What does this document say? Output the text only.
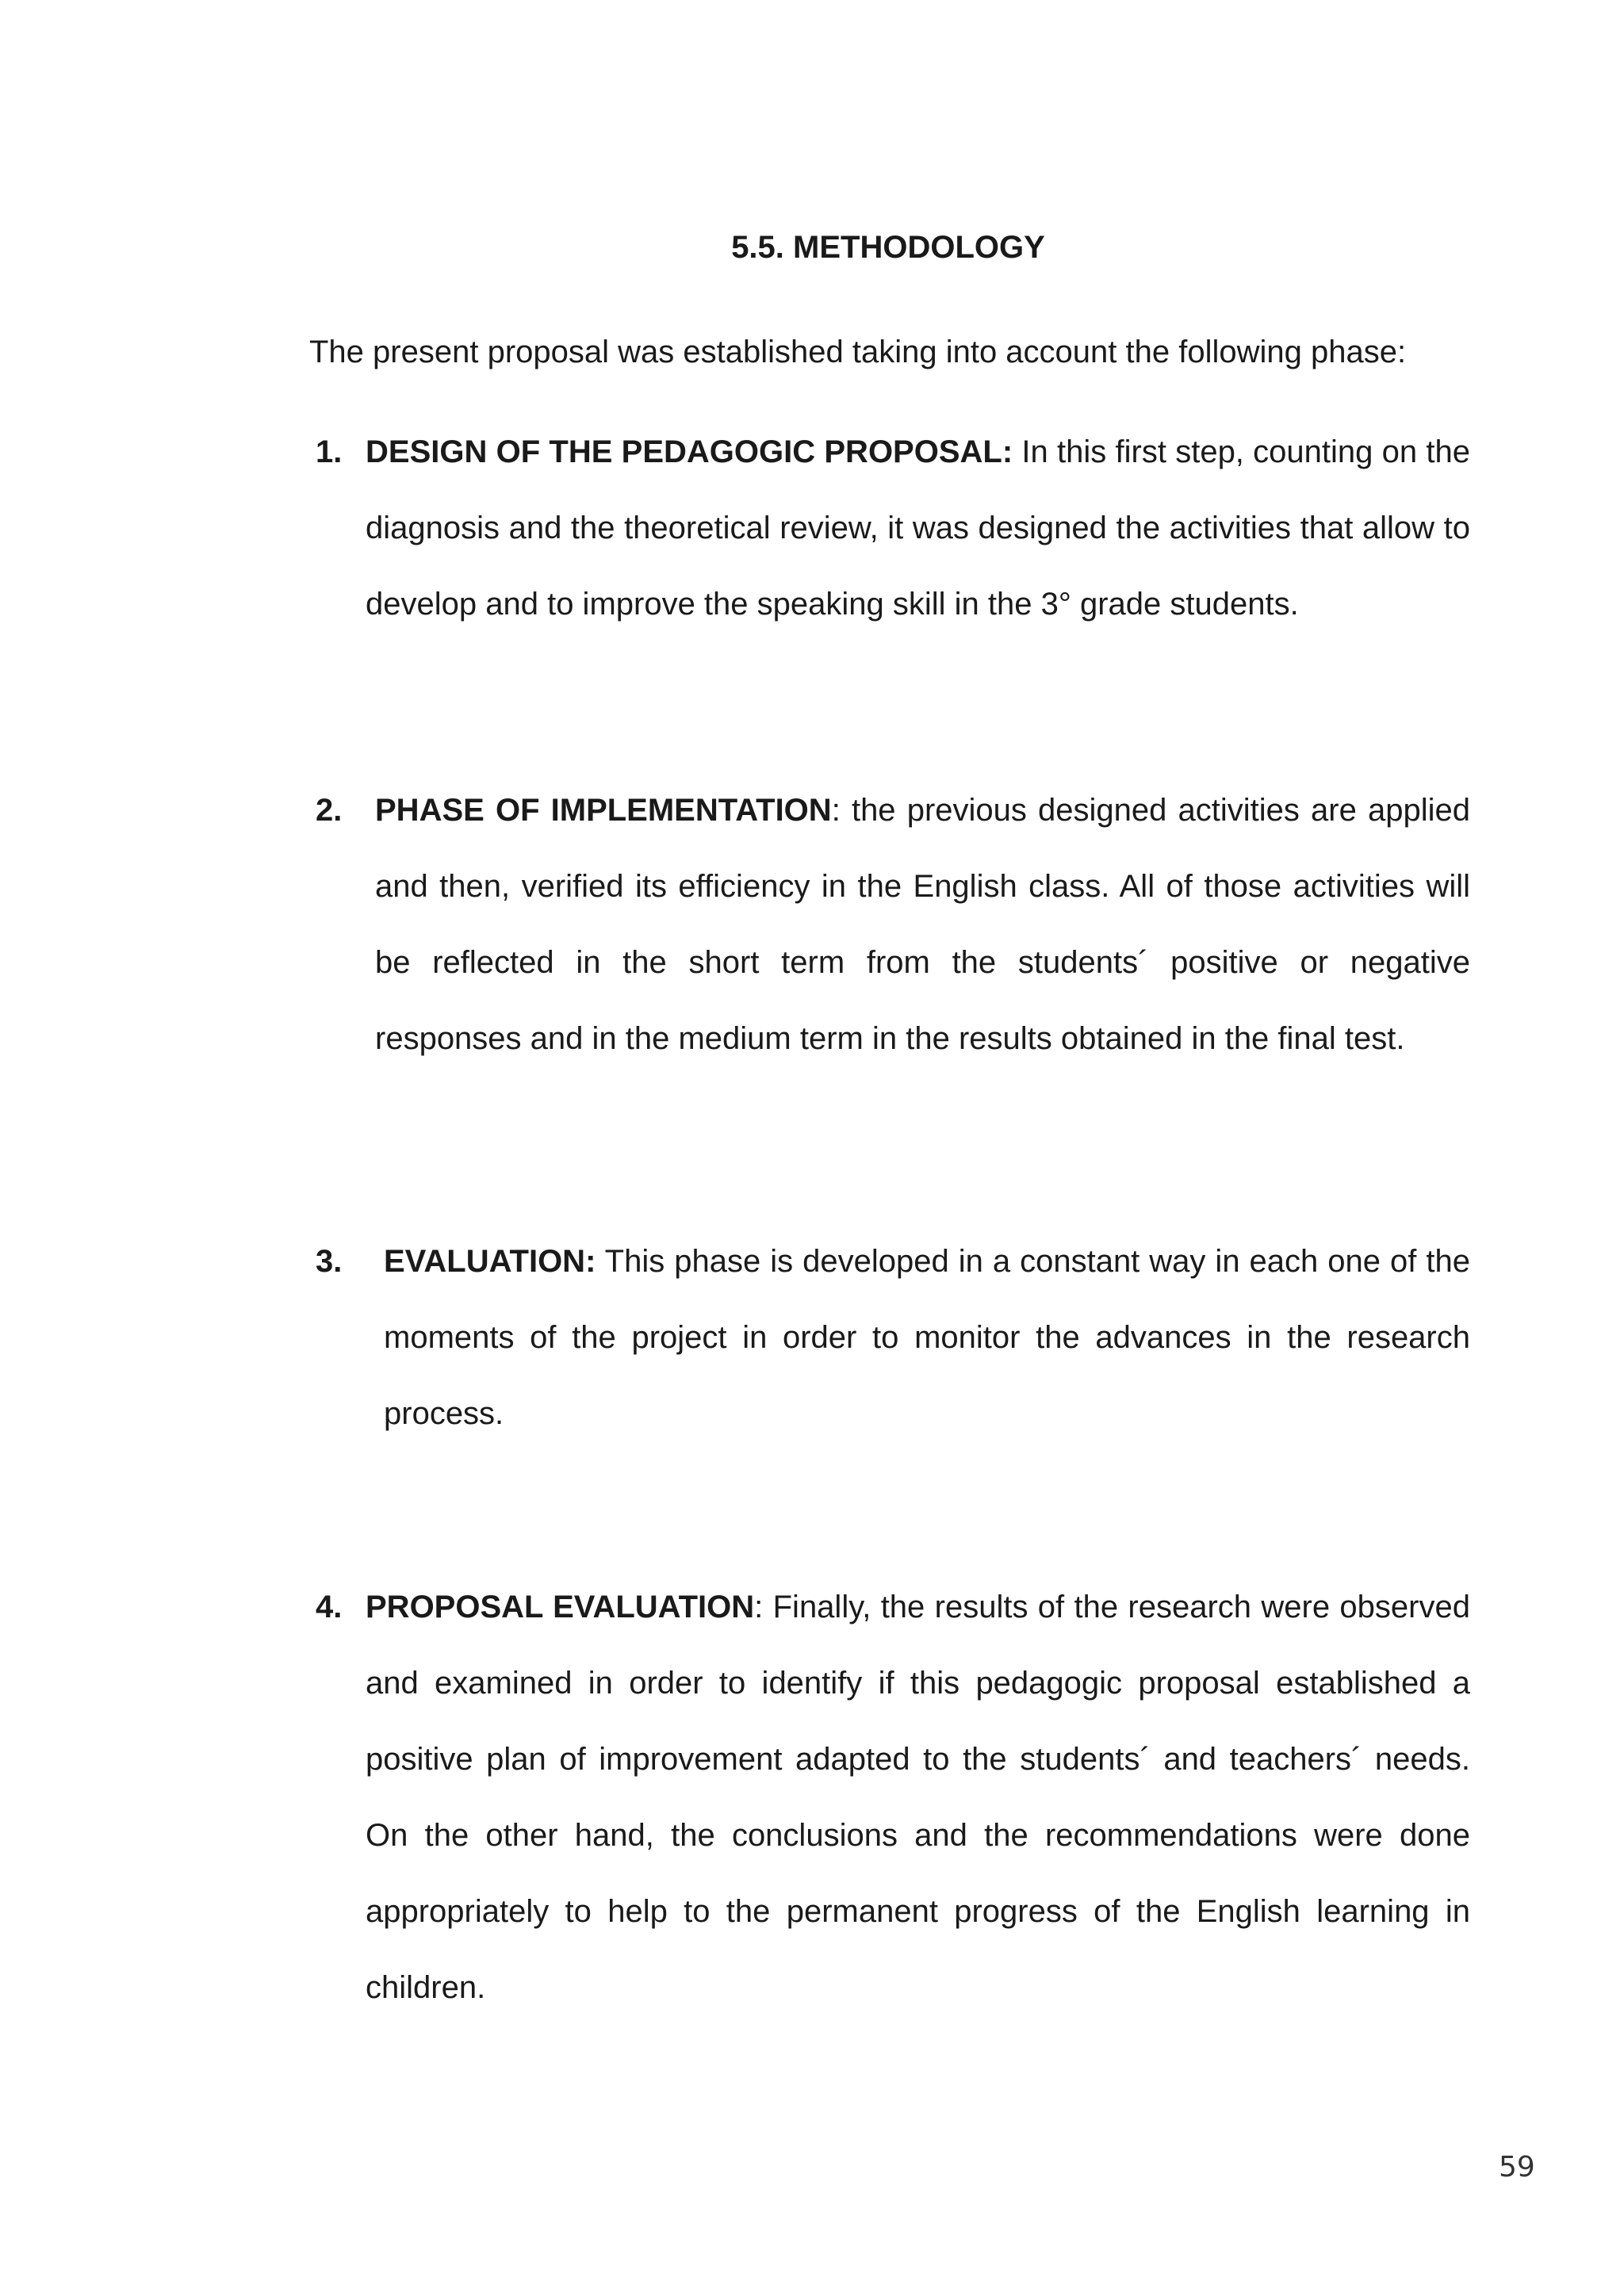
5.5. METHODOLOGY
The present proposal was established taking into account the following phase:
1. DESIGN OF THE PEDAGOGIC PROPOSAL: In this first step, counting on the diagnosis and the theoretical review, it was designed the activities that allow to develop and to improve the speaking skill in the 3° grade students.
2. PHASE OF IMPLEMENTATION: the previous designed activities are applied and then, verified its efficiency in the English class. All of those activities will be reflected in the short term from the students´ positive or negative responses and in the medium term in the results obtained in the final test.
3. EVALUATION: This phase is developed in a constant way in each one of the moments of the project in order to monitor the advances in the research process.
4. PROPOSAL EVALUATION: Finally, the results of the research were observed and examined in order to identify if this pedagogic proposal established a positive plan of improvement adapted to the students´ and teachers´ needs. On the other hand, the conclusions and the recommendations were done appropriately to help to the permanent progress of the English learning in children.
59
